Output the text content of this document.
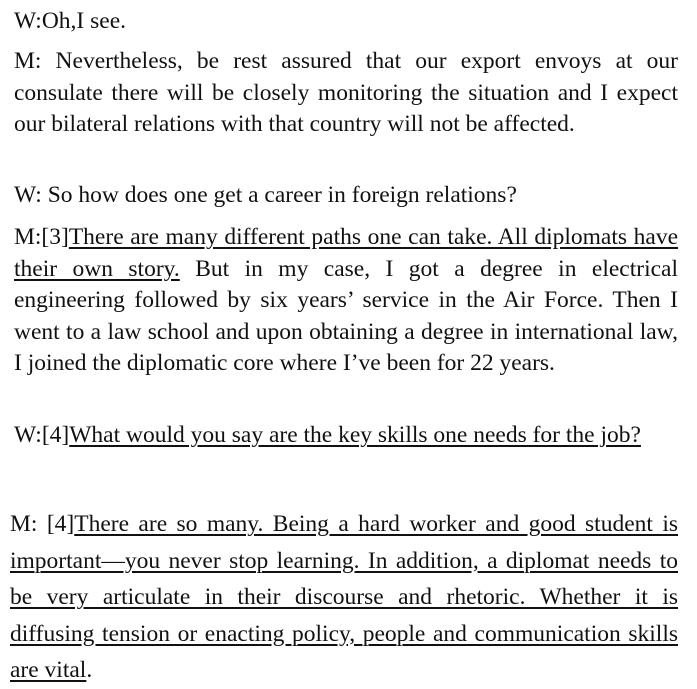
W:Oh,I see.

M: Nevertheless, be rest assured that our export envoys at our consulate there will be closely monitoring the situation and I expect our bilateral relations with that country will not be affected.

W: So how does one get a career in foreign relations?

M:[3]There are many different paths one can take. All diplomats have their own story. But in my case, I got a degree in electrical engineering followed by six years’ service in the Air Force. Then I went to a law school and upon obtaining a degree in international law, I joined the diplomatic core where I’ve been for 22 years.

W:[4]What would you say are the key skills one needs for the job?

M: [4]There are so many. Being a hard worker and good student is important—you never stop learning. In addition, a diplomat needs to be very articulate in their discourse and rhetoric. Whether it is diffusing tension or enacting policy, people and communication skills are vital.
